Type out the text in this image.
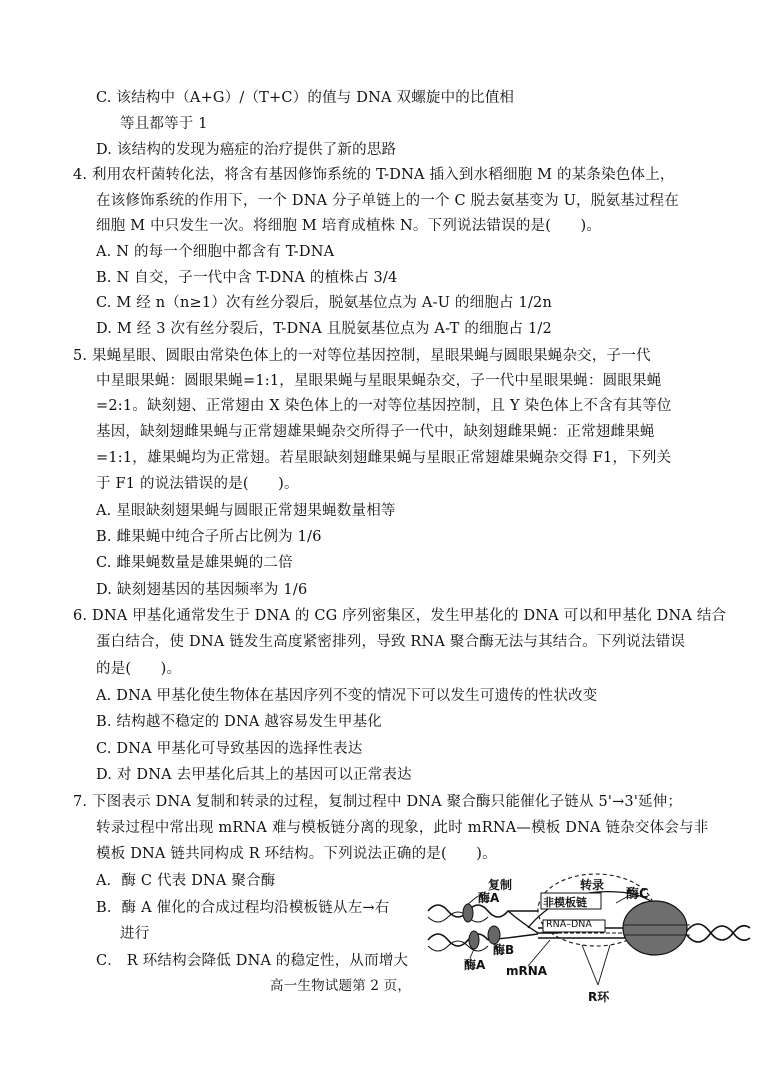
C. 该结构中（A+G）/（T+C）的值与 DNA 双螺旋中的比值相
等且都等于 1
D. 该结构的发现为癌症的治疗提供了新的思路
4. 利用农杆菌转化法，将含有基因修饰系统的 T-DNA 插入到水稻细胞 M 的某条染色体上，
在该修饰系统的作用下，一个 DNA 分子单链上的一个 C 脱去氨基变为 U，脱氨基过程在
细胞 M 中只发生一次。将细胞 M 培育成植株 N。下列说法错误的是(　　)。
A. N 的每一个细胞中都含有 T-DNA
B. N 自交，子一代中含 T-DNA 的植株占 3/4
C. M 经 n（n≥1）次有丝分裂后，脱氨基位点为 A-U 的细胞占 1/2n
D. M 经 3 次有丝分裂后，T-DNA 且脱氨基位点为 A-T 的细胞占 1/2
5. 果蝇星眼、圆眼由常染色体上的一对等位基因控制，星眼果蝇与圆眼果蝇杂交，子一代
中星眼果蝇：圆眼果蝇=1:1，星眼果蝇与星眼果蝇杂交，子一代中星眼果蝇：圆眼果蝇
=2:1。缺刻翅、正常翅由 X 染色体上的一对等位基因控制，且 Y 染色体上不含有其等位
基因，缺刻翅雌果蝇与正常翅雄果蝇杂交所得子一代中，缺刻翅雌果蝇：正常翅雌果蝇
=1:1，雄果蝇均为正常翅。若星眼缺刻翅雌果蝇与星眼正常翅雄果蝇杂交得 F1，下列关
于 F1 的说法错误的是(　　)。
A. 星眼缺刻翅果蝇与圆眼正常翅果蝇数量相等
B. 雌果蝇中纯合子所占比例为 1/6
C. 雌果蝇数量是雄果蝇的二倍
D. 缺刻翅基因的基因频率为 1/6
6. DNA 甲基化通常发生于 DNA 的 CG 序列密集区，发生甲基化的 DNA 可以和甲基化 DNA 结合
蛋白结合，使 DNA 链发生高度紧密排列，导致 RNA 聚合酶无法与其结合。下列说法错误
的是(　　)。
A. DNA 甲基化使生物体在基因序列不变的情况下可以发生可遗传的性状改变
B. 结构越不稳定的 DNA 越容易发生甲基化
C. DNA 甲基化可导致基因的选择性表达
D. 对 DNA 去甲基化后其上的基因可以正常表达
7. 下图表示 DNA 复制和转录的过程，复制过程中 DNA 聚合酶只能催化子链从 5'→3'延伸；
转录过程中常出现 mRNA 难与模板链分离的现象，此时 mRNA—模板 DNA 链杂交体会与非
模板 DNA 链共同构成 R 环结构。下列说法正确的是(　　)。
A．酶 C 代表 DNA 聚合酶
B．酶 A 催化的合成过程均沿模板链从左→右
进行
C． R 环结构会降低 DNA 的稳定性，从而增大
高一生物试题第 2 页，
复制	转录
酶A	非模板链
酶C
RNA–DNA
酶B
酶A mRNA
R环
